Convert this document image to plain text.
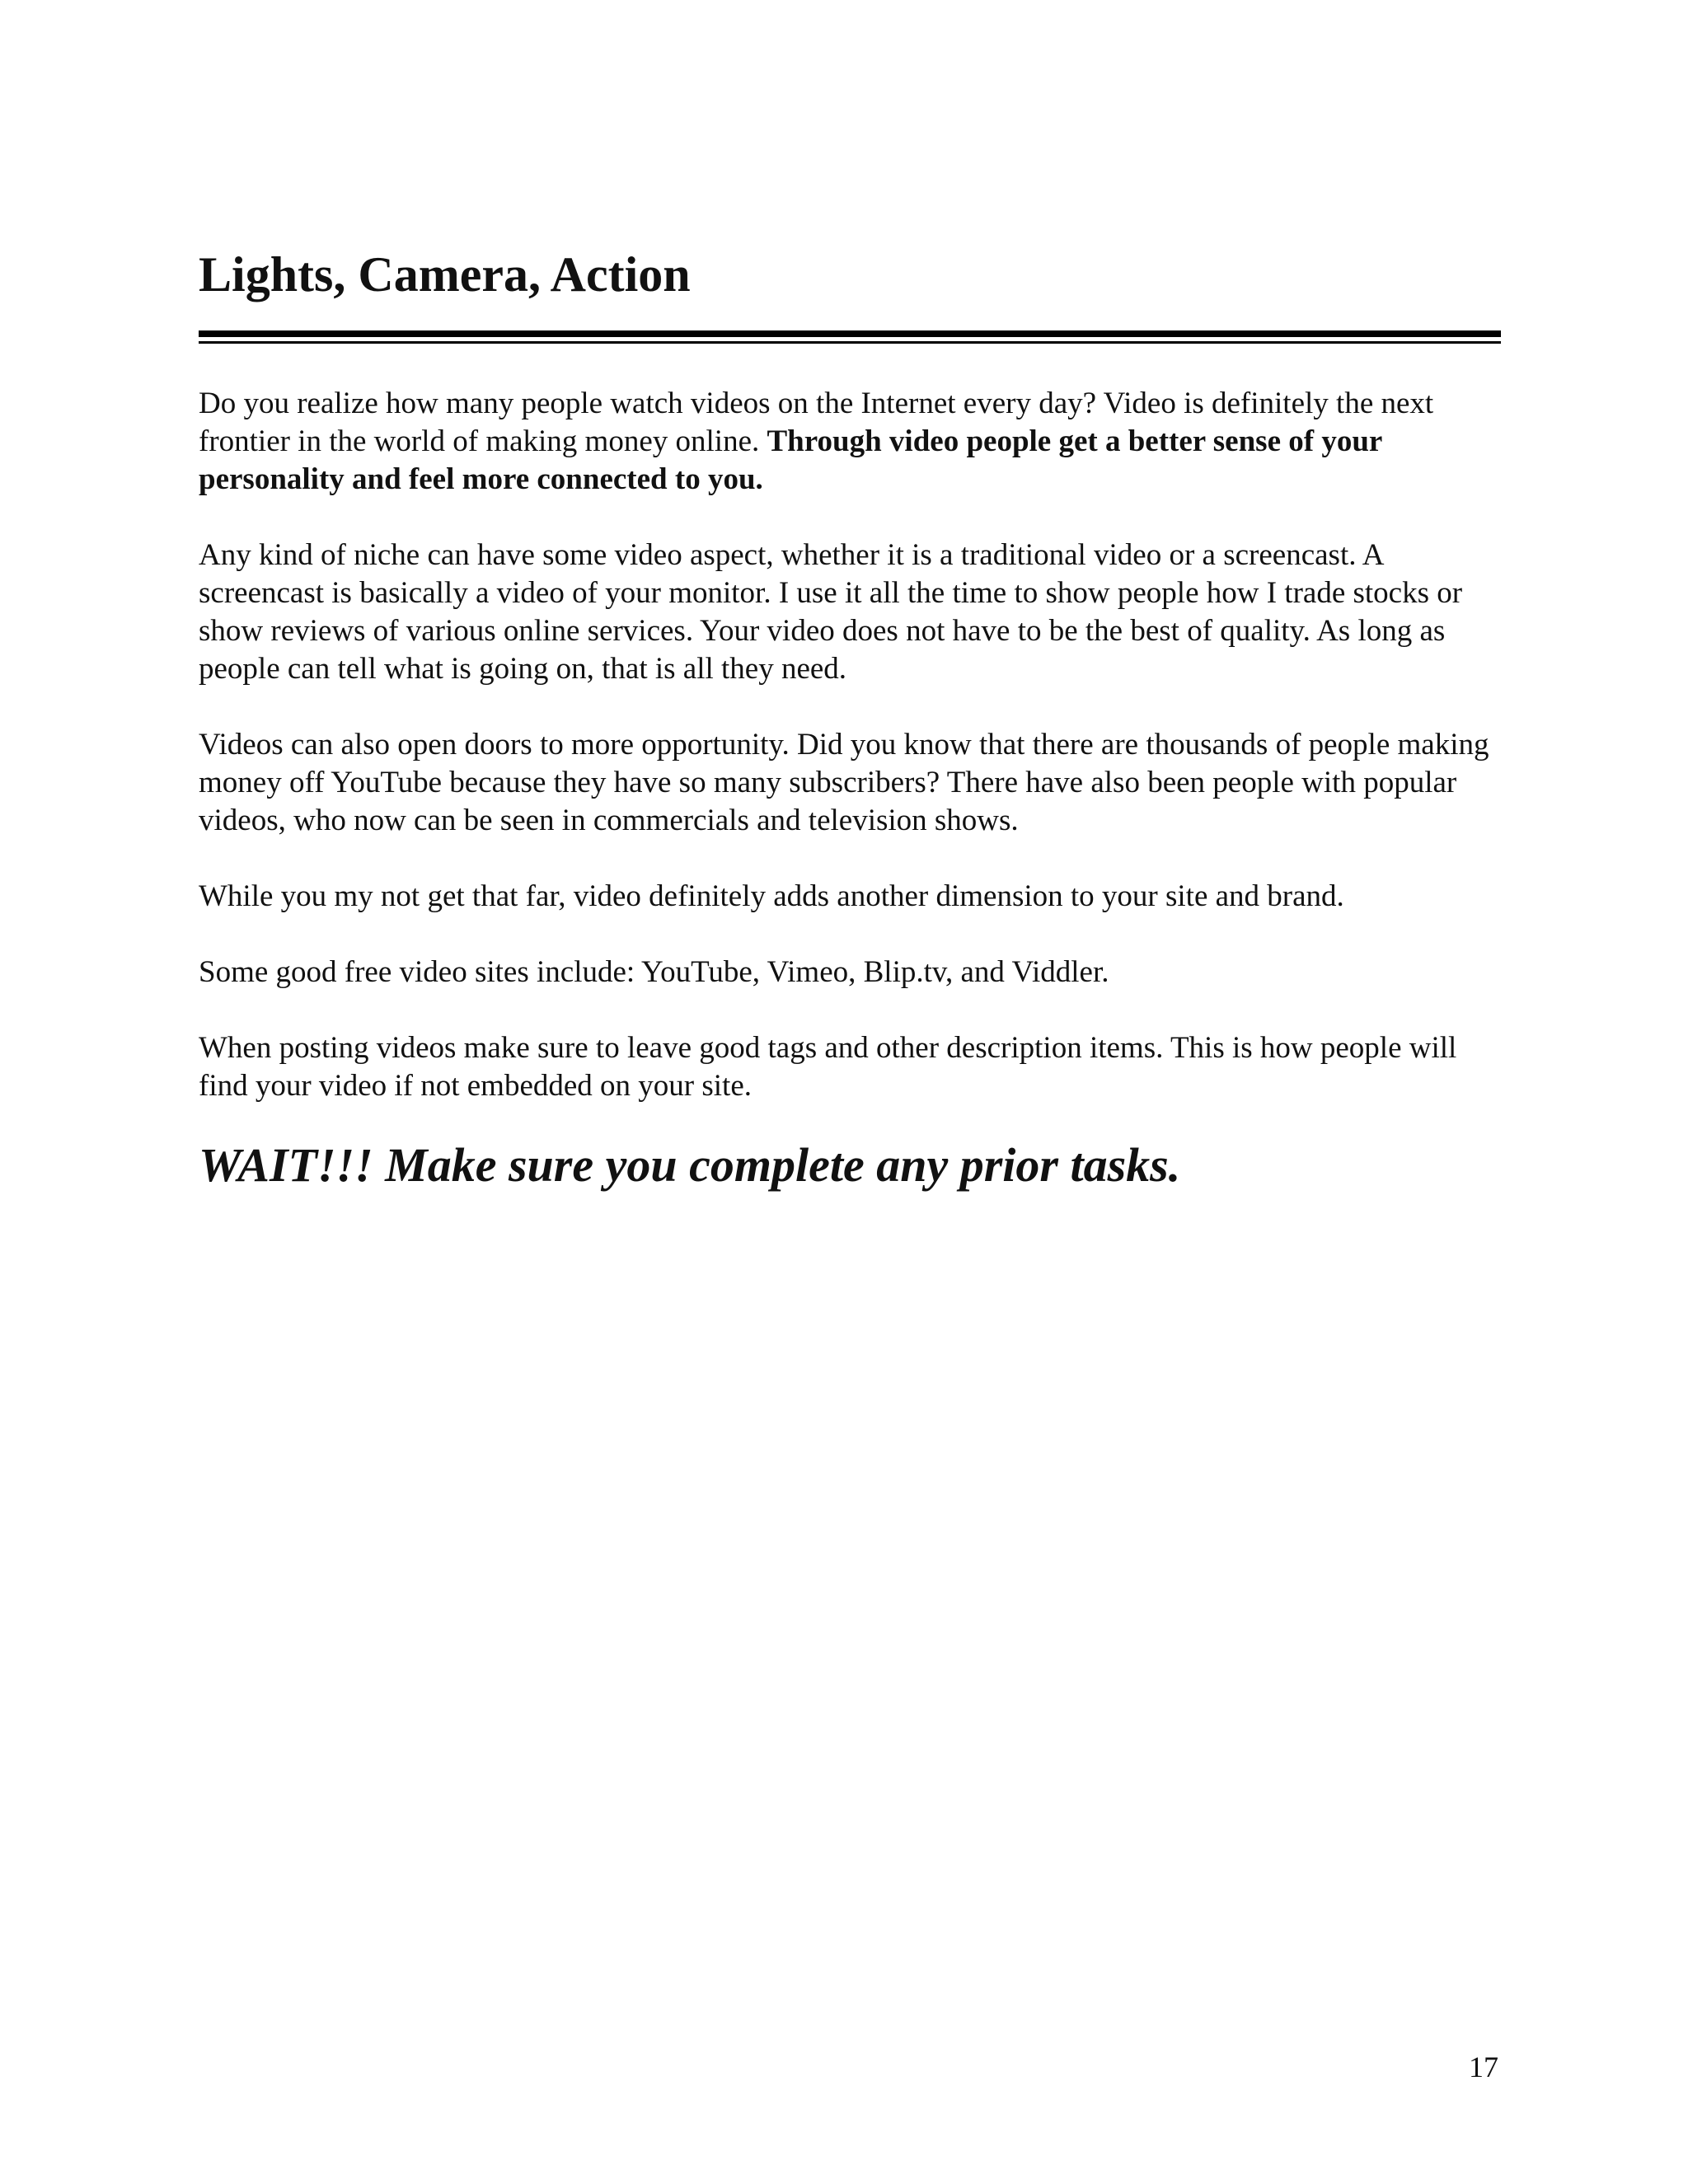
Lights, Camera, Action

Do you realize how many people watch videos on the Internet every day? Video is definitely the next frontier in the world of making money online. Through video people get a better sense of your personality and feel more connected to you.

Any kind of niche can have some video aspect, whether it is a traditional video or a screencast. A screencast is basically a video of your monitor. I use it all the time to show people how I trade stocks or show reviews of various online services. Your video does not have to be the best of quality. As long as people can tell what is going on, that is all they need.

Videos can also open doors to more opportunity. Did you know that there are thousands of people making money off YouTube because they have so many subscribers? There have also been people with popular videos, who now can be seen in commercials and television shows.

While you my not get that far, video definitely adds another dimension to your site and brand.

Some good free video sites include: YouTube, Vimeo, Blip.tv, and Viddler.

When posting videos make sure to leave good tags and other description items. This is how people will find your video if not embedded on your site.

WAIT!!! Make sure you complete any prior tasks.

17
